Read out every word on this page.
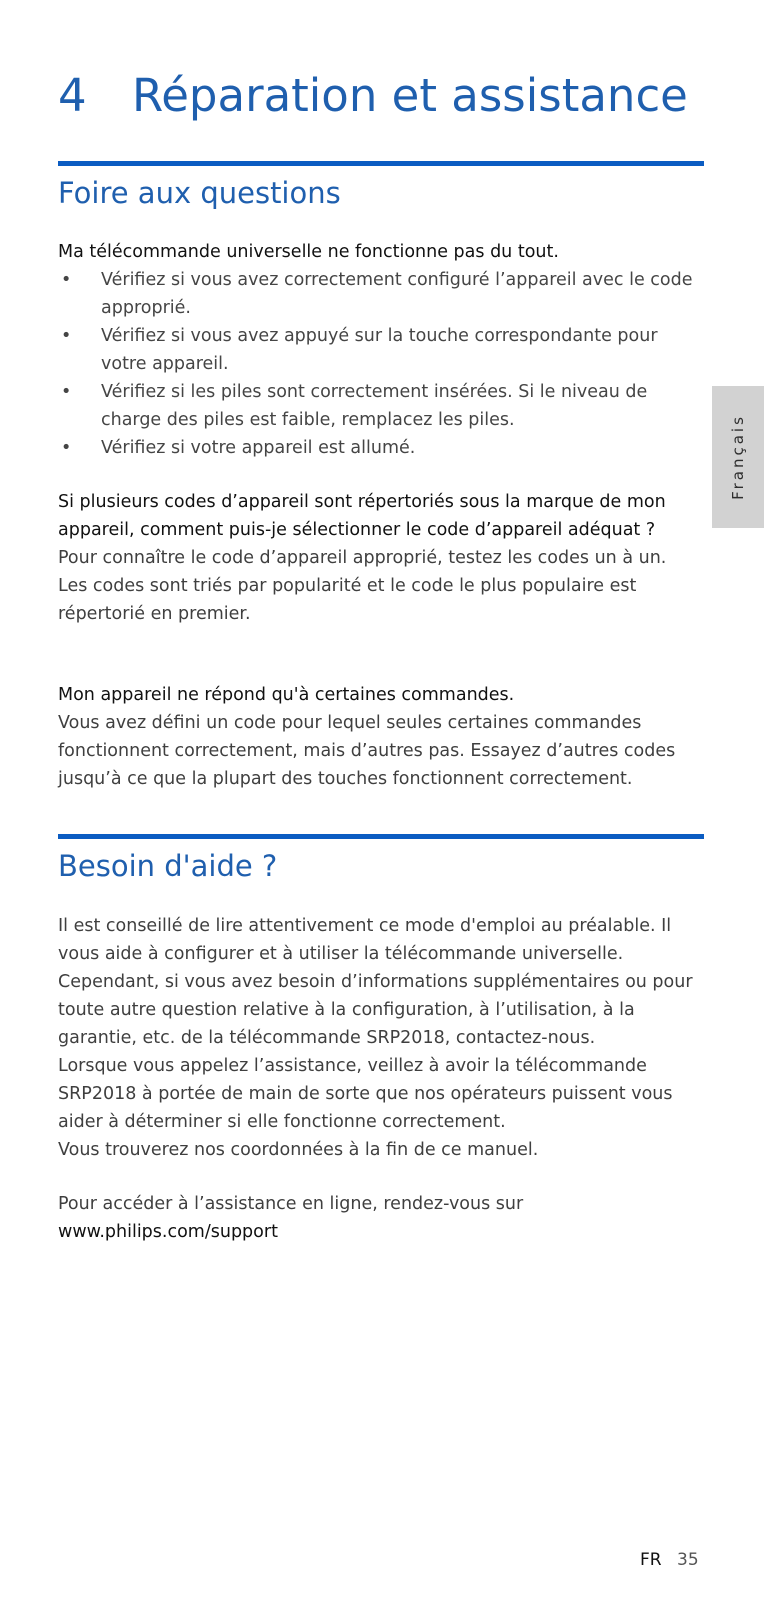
4 Réparation et assistance
Foire aux questions

Ma télécommande universelle ne fonctionne pas du tout.

• Vérifiez si vous avez correctement configuré l’appareil avec le code approprié.
• Vérifiez si vous avez appuyé sur la touche correspondante pour votre appareil.
• Vérifiez si les piles sont correctement insérées. Si le niveau de charge des piles est faible, remplacez les piles.
• Vérifiez si votre appareil est allumé.

Si plusieurs codes d’appareil sont répertoriés sous la marque de mon appareil, comment puis-je sélectionner le code d’appareil adéquat ?

Pour connaître le code d’appareil approprié, testez les codes un à un. Les codes sont triés par popularité et le code le plus populaire est répertorié en premier.

Mon appareil ne répond qu'à certaines commandes.

Vous avez défini un code pour lequel seules certaines commandes fonctionnent correctement, mais d’autres pas. Essayez d’autres codes jusqu’à ce que la plupart des touches fonctionnent correctement.

Besoin d'aide ?

Il est conseillé de lire attentivement ce mode d'emploi au préalable. Il vous aide à configurer et à utiliser la télécommande universelle.

Cependant, si vous avez besoin d’informations supplémentaires ou pour toute autre question relative à la configuration, à l’utilisation, à la garantie, etc. de la télécommande SRP2018, contactez-nous.

Lorsque vous appelez l’assistance, veillez à avoir la télécommande SRP2018 à portée de main de sorte que nos opérateurs puissent vous aider à déterminer si elle fonctionne correctement.

Vous trouverez nos coordonnées à la fin de ce manuel.

Pour accéder à l’assistance en ligne, rendez-vous sur

www.philips.com/support

Français
FR 35
